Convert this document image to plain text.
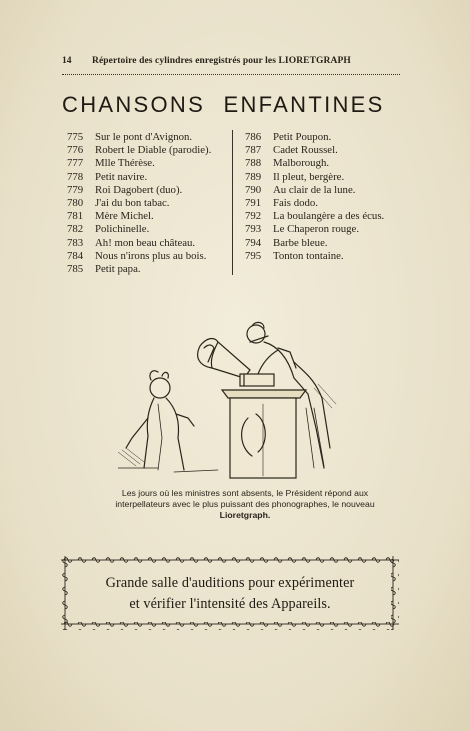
14 Répertoire des cylindres enregistrés pour les LIORETGRAPH
CHANSONS ENFANTINES
775 Sur le pont d'Avignon.
776 Robert le Diable (parodie).
777 Mlle Thérèse.
778 Petit navire.
779 Roi Dagobert (duo).
780 J'ai du bon tabac.
781 Mère Michel.
782 Polichinelle.
783 Ah! mon beau château.
784 Nous n'irons plus au bois.
785 Petit papa.
786 Petit Poupon.
787 Cadet Roussel.
788 Malborough.
789 Il pleut, bergère.
790 Au clair de la lune.
791 Fais dodo.
792 La boulangère a des écus.
793 Le Chaperon rouge.
794 Barbe bleue.
795 Tonton tontaine.
Les jours où les ministres sont absents, le Président répond aux interpellateurs avec le plus puissant des phonographes, le nouveau Lioretgraph.
Grande salle d'auditions pour expérimenter
et vérifier l'intensité des Appareils.
